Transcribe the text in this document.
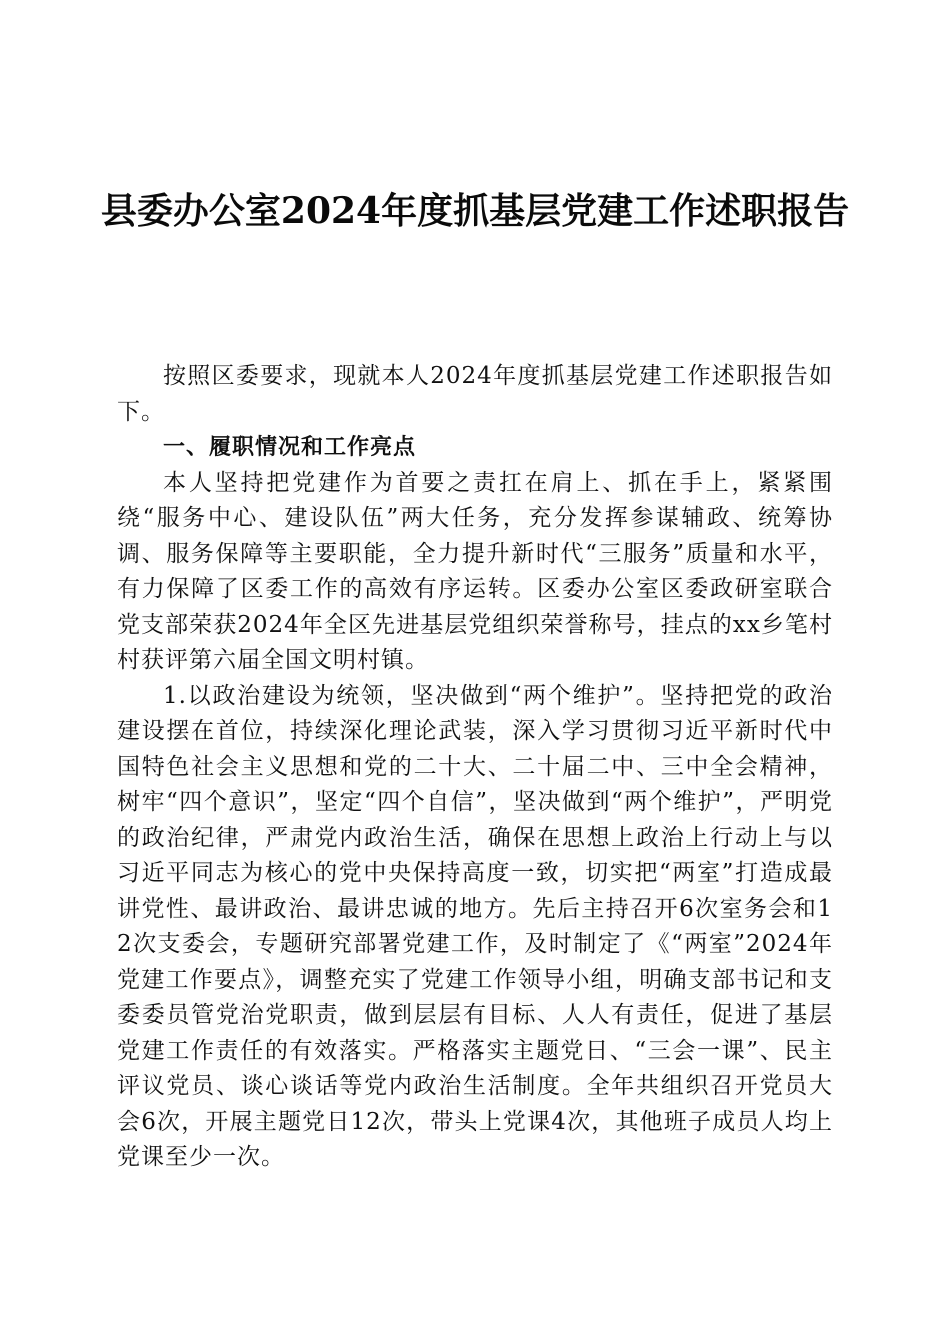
县委办公室2024年度抓基层党建工作述职报告

按照区委要求，现就本人2024年度抓基层党建工作述职报告如下。

一、履职情况和工作亮点

本人坚持把党建作为首要之责扛在肩上、抓在手上，紧紧围绕“服务中心、建设队伍”两大任务，充分发挥参谋辅政、统筹协调、服务保障等主要职能，全力提升新时代“三服务”质量和水平，有力保障了区委工作的高效有序运转。区委办公室区委政研室联合党支部荣获2024年全区先进基层党组织荣誉称号，挂点的xx乡笔村村获评第六届全国文明村镇。

1.以政治建设为统领，坚决做到“两个维护”。坚持把党的政治建设摆在首位，持续深化理论武装，深入学习贯彻习近平新时代中国特色社会主义思想和党的二十大、二十届二中、三中全会精神，树牢“四个意识”，坚定“四个自信”，坚决做到“两个维护”，严明党的政治纪律，严肃党内政治生活，确保在思想上政治上行动上与以习近平同志为核心的党中央保持高度一致，切实把“两室”打造成最讲党性、最讲政治、最讲忠诚的地方。先后主持召开6次室务会和12次支委会，专题研究部署党建工作，及时制定了《“两室”2024年党建工作要点》，调整充实了党建工作领导小组，明确支部书记和支委委员管党治党职责，做到层层有目标、人人有责任，促进了基层党建工作责任的有效落实。严格落实主题党日、“三会一课”、民主评议党员、谈心谈话等党内政治生活制度。全年共组织召开党员大会6次，开展主题党日12次，带头上党课4次，其他班子成员人均上党课至少一次。
